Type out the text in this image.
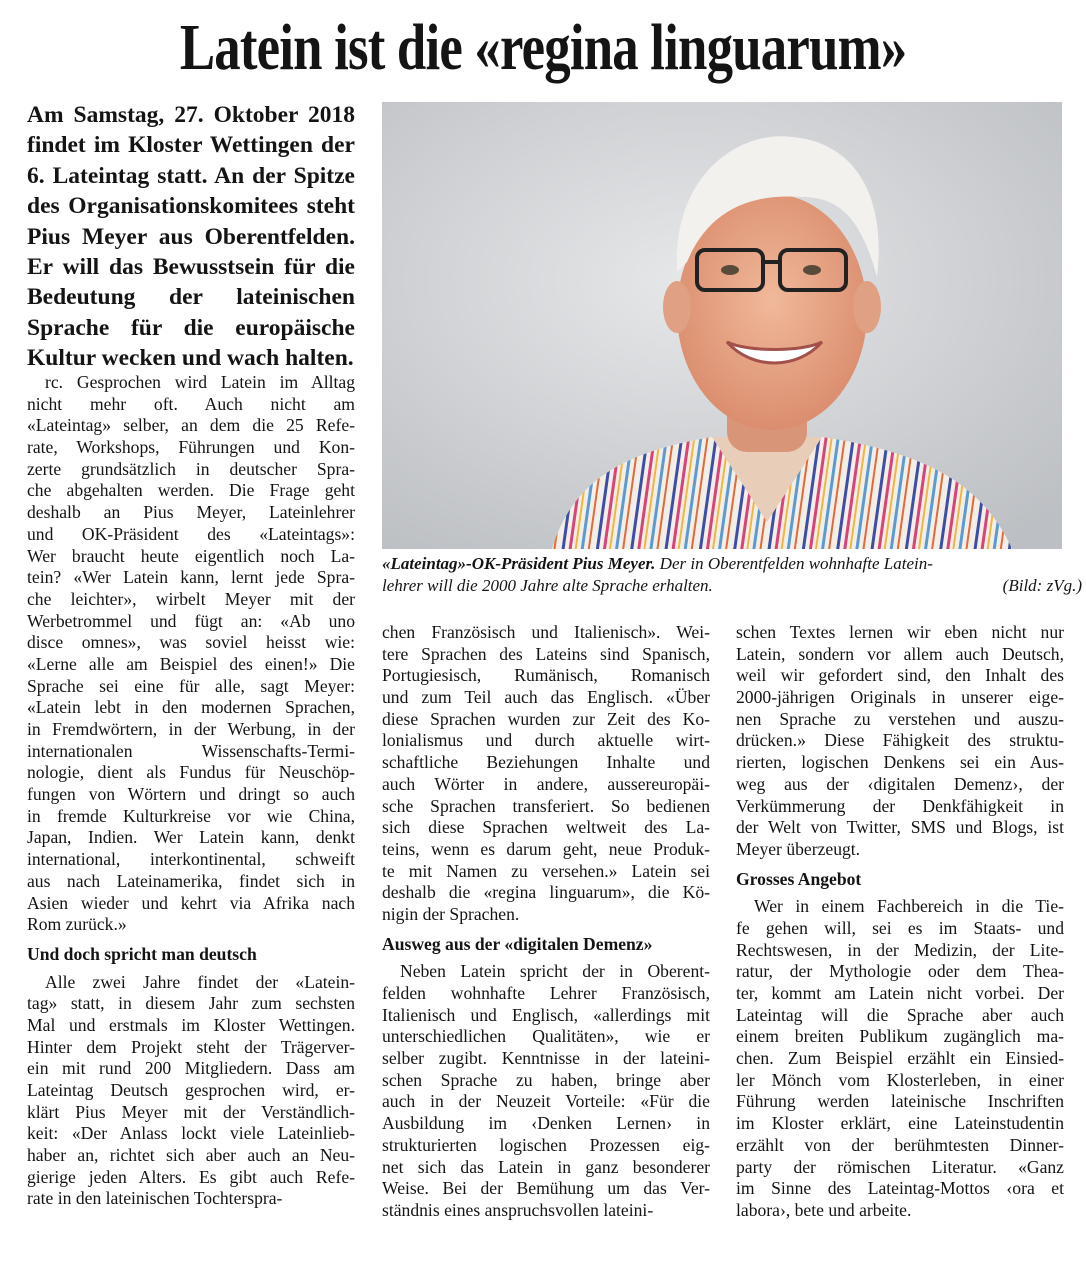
Latein ist die «regina linguarum»
Am Samstag, 27. Oktober 2018
findet im Kloster Wettingen der
6. Lateintag statt. An der Spitze
des Organisationskomitees steht
Pius Meyer aus Oberentfelden.
Er will das Bewusstsein für die
Bedeutung der lateinischen
Sprache für die europäische
Kultur wecken und wach halten.
«Lateintag»-OK-Präsident Pius Meyer. Der in Oberentfelden wohnhafte Latein-
lehrer will die 2000 Jahre alte Sprache erhalten.	(Bild: zVg.)
rc. Gesprochen wird Latein im Alltag
nicht mehr oft. Auch nicht am
«Lateintag» selber, an dem die 25 Refe-
rate, Workshops, Führungen und Kon-
zerte grundsätzlich in deutscher Spra-
che abgehalten werden. Die Frage geht
deshalb an Pius Meyer, Lateinlehrer
und OK-Präsident des «Lateintags»:
Wer braucht heute eigentlich noch La-
tein? «Wer Latein kann, lernt jede Spra-
che leichter», wirbelt Meyer mit der
Werbetrommel und fügt an: «Ab uno
disce omnes», was soviel heisst wie:
«Lerne alle am Beispiel des einen!» Die
Sprache sei eine für alle, sagt Meyer:
«Latein lebt in den modernen Sprachen,
in Fremdwörtern, in der Werbung, in der
internationalen Wissenschafts-Termi-
nologie, dient als Fundus für Neuschöp-
fungen von Wörtern und dringt so auch
in fremde Kulturkreise vor wie China,
Japan, Indien. Wer Latein kann, denkt
international, interkontinental, schweift
aus nach Lateinamerika, findet sich in
Asien wieder und kehrt via Afrika nach
Rom zurück.»
Und doch spricht man deutsch
Alle zwei Jahre findet der «Latein-
tag» statt, in diesem Jahr zum sechsten
Mal und erstmals im Kloster Wettingen.
Hinter dem Projekt steht der Trägerver-
ein mit rund 200 Mitgliedern. Dass am
Lateintag Deutsch gesprochen wird, er-
klärt Pius Meyer mit der Verständlich-
keit: «Der Anlass lockt viele Lateinlieb-
haber an, richtet sich aber auch an Neu-
gierige jeden Alters. Es gibt auch Refe-
rate in den lateinischen Tochterspra-
chen Französisch und Italienisch». Wei-
tere Sprachen des Lateins sind Spanisch,
Portugiesisch, Rumänisch, Romanisch
und zum Teil auch das Englisch. «Über
diese Sprachen wurden zur Zeit des Ko-
lonialismus und durch aktuelle wirt-
schaftliche Beziehungen Inhalte und
auch Wörter in andere, aussereuropäi-
sche Sprachen transferiert. So bedienen
sich diese Sprachen weltweit des La-
teins, wenn es darum geht, neue Produk-
te mit Namen zu versehen.» Latein sei
deshalb die «regina linguarum», die Kö-
nigin der Sprachen.
Ausweg aus der «digitalen Demenz»
Neben Latein spricht der in Oberent-
felden wohnhafte Lehrer Französisch,
Italienisch und Englisch, «allerdings mit
unterschiedlichen Qualitäten», wie er
selber zugibt. Kenntnisse in der lateini-
schen Sprache zu haben, bringe aber
auch in der Neuzeit Vorteile: «Für die
Ausbildung im ‹Denken Lernen› in
strukturierten logischen Prozessen eig-
net sich das Latein in ganz besonderer
Weise. Bei der Bemühung um das Ver-
ständnis eines anspruchsvollen lateini-
schen Textes lernen wir eben nicht nur
Latein, sondern vor allem auch Deutsch,
weil wir gefordert sind, den Inhalt des
2000-jährigen Originals in unserer eige-
nen Sprache zu verstehen und auszu-
drücken.» Diese Fähigkeit des struktu-
rierten, logischen Denkens sei ein Aus-
weg aus der ‹digitalen Demenz›, der
Verkümmerung der Denkfähigkeit in
der Welt von Twitter, SMS und Blogs, ist
Meyer überzeugt.
Grosses Angebot
Wer in einem Fachbereich in die Tie-
fe gehen will, sei es im Staats- und
Rechtswesen, in der Medizin, der Lite-
ratur, der Mythologie oder dem Thea-
ter, kommt am Latein nicht vorbei. Der
Lateintag will die Sprache aber auch
einem breiten Publikum zugänglich ma-
chen. Zum Beispiel erzählt ein Einsied-
ler Mönch vom Klosterleben, in einer
Führung werden lateinische Inschriften
im Kloster erklärt, eine Lateinstudentin
erzählt von der berühmtesten Dinner-
party der römischen Literatur. «Ganz
im Sinne des Lateintag-Mottos ‹ora et
labora›, bete und arbeite.
